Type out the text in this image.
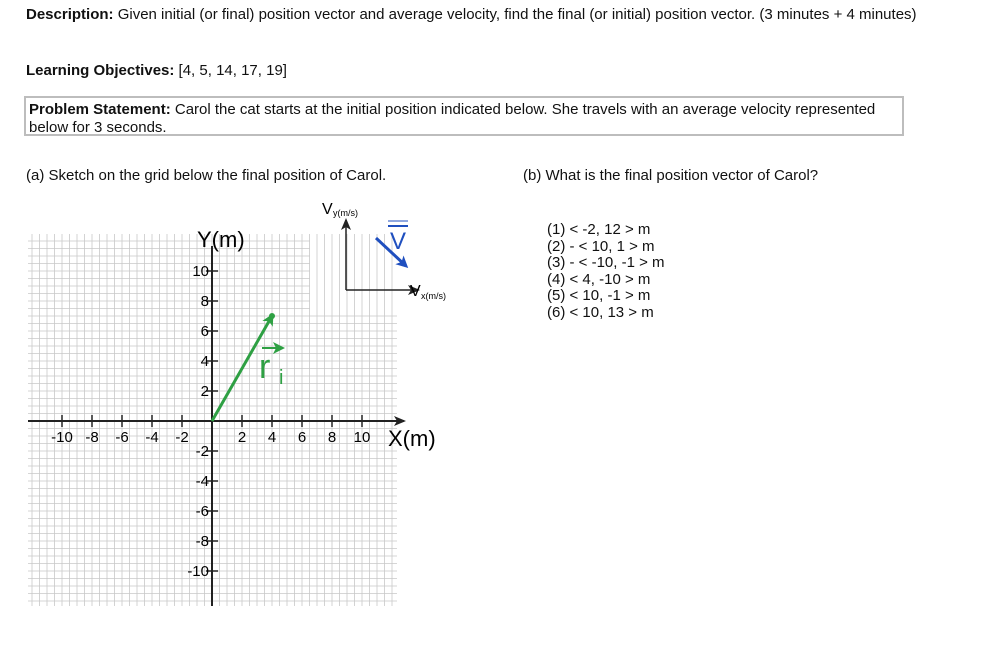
Description: Given initial (or final) position vector and average velocity, find the final (or initial) position vector. (3 minutes + 4 minutes)
Learning Objectives: [4, 5, 14, 17, 19]
Problem Statement: Carol the cat starts at the initial position indicated below. She travels with an average velocity represented below for 3 seconds.
(a) Sketch on the grid below the final position of Carol.	(b) What is the final position vector of Carol?
(1) < -2, 12 > m
(2) - < 10, 1 > m
(3) - < -10, -1 > m
(4) < 4, -10 > m
(5) < 10, -1 > m
(6) < 10, 13 > m
-10 -8 -6 -4 -2	2 4 6 8 10
10
8
6
4
2
-2
-4
-6
-8
-10
Y(m)
X(m)
r i
V y(m/s)
V x(m/s)
V
